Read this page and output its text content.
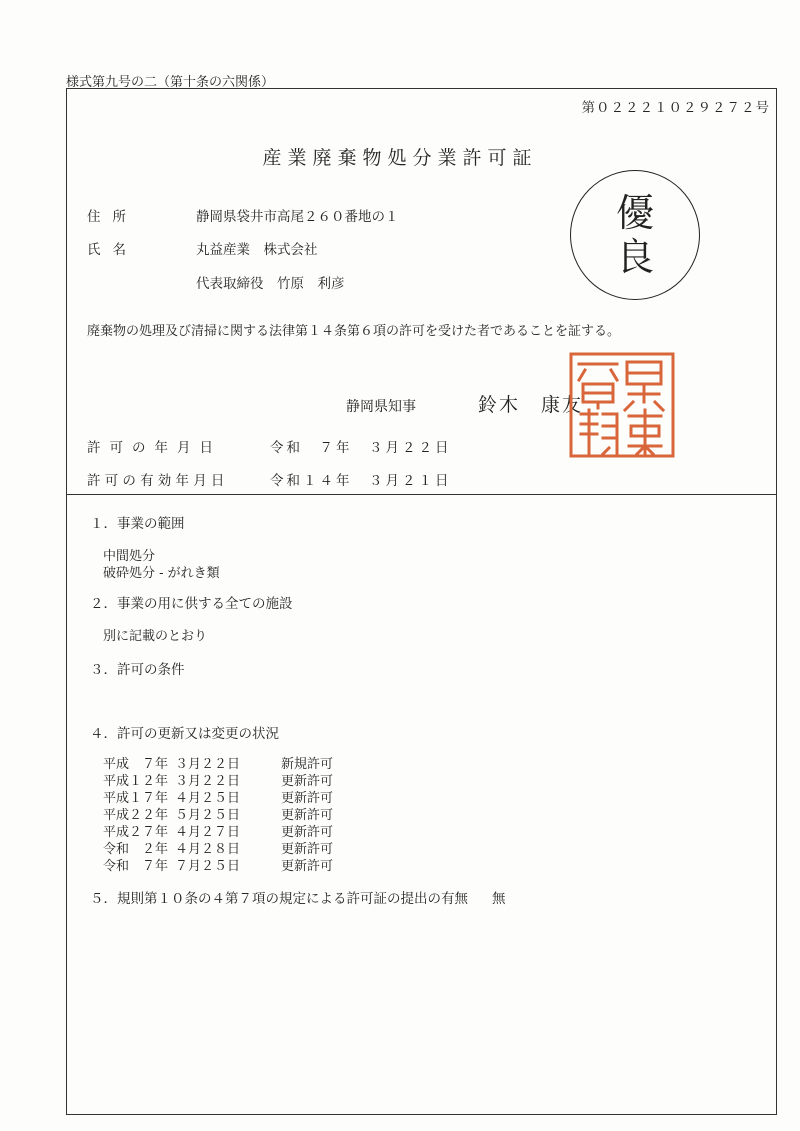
様式第九号の二（第十条の六関係）
第０２２２１０２９２７２号
産業廃棄物処分業許可証
住所	静岡県袋井市高尾２６０番地の１
氏名	丸益産業　株式会社
代表取締役　竹原　利彦
優
良
廃棄物の処理及び清掃に関する法律第１４条第６項の許可を受けた者であることを証する。
静岡県知事	鈴木　康友
許可の年月日	令和　７年　３月２２日
許可の有効年月日	令和１４年　３月２１日
１．事業の範囲
中間処分
破砕処分 - がれき類
２．事業の用に供する全ての施設
別に記載のとおり
３．許可の条件
４．許可の更新又は変更の状況
平成　７年 ３月２２日	新規許可
平成１２年 ３月２２日	更新許可
平成１７年 ４月２５日	更新許可
平成２２年 ５月２５日	更新許可
平成２７年 ４月２７日	更新許可
令和　２年 ４月２８日	更新許可
令和　７年 ７月２５日	更新許可
５．規則第１０条の４第７項の規定による許可証の提出の有無 無
